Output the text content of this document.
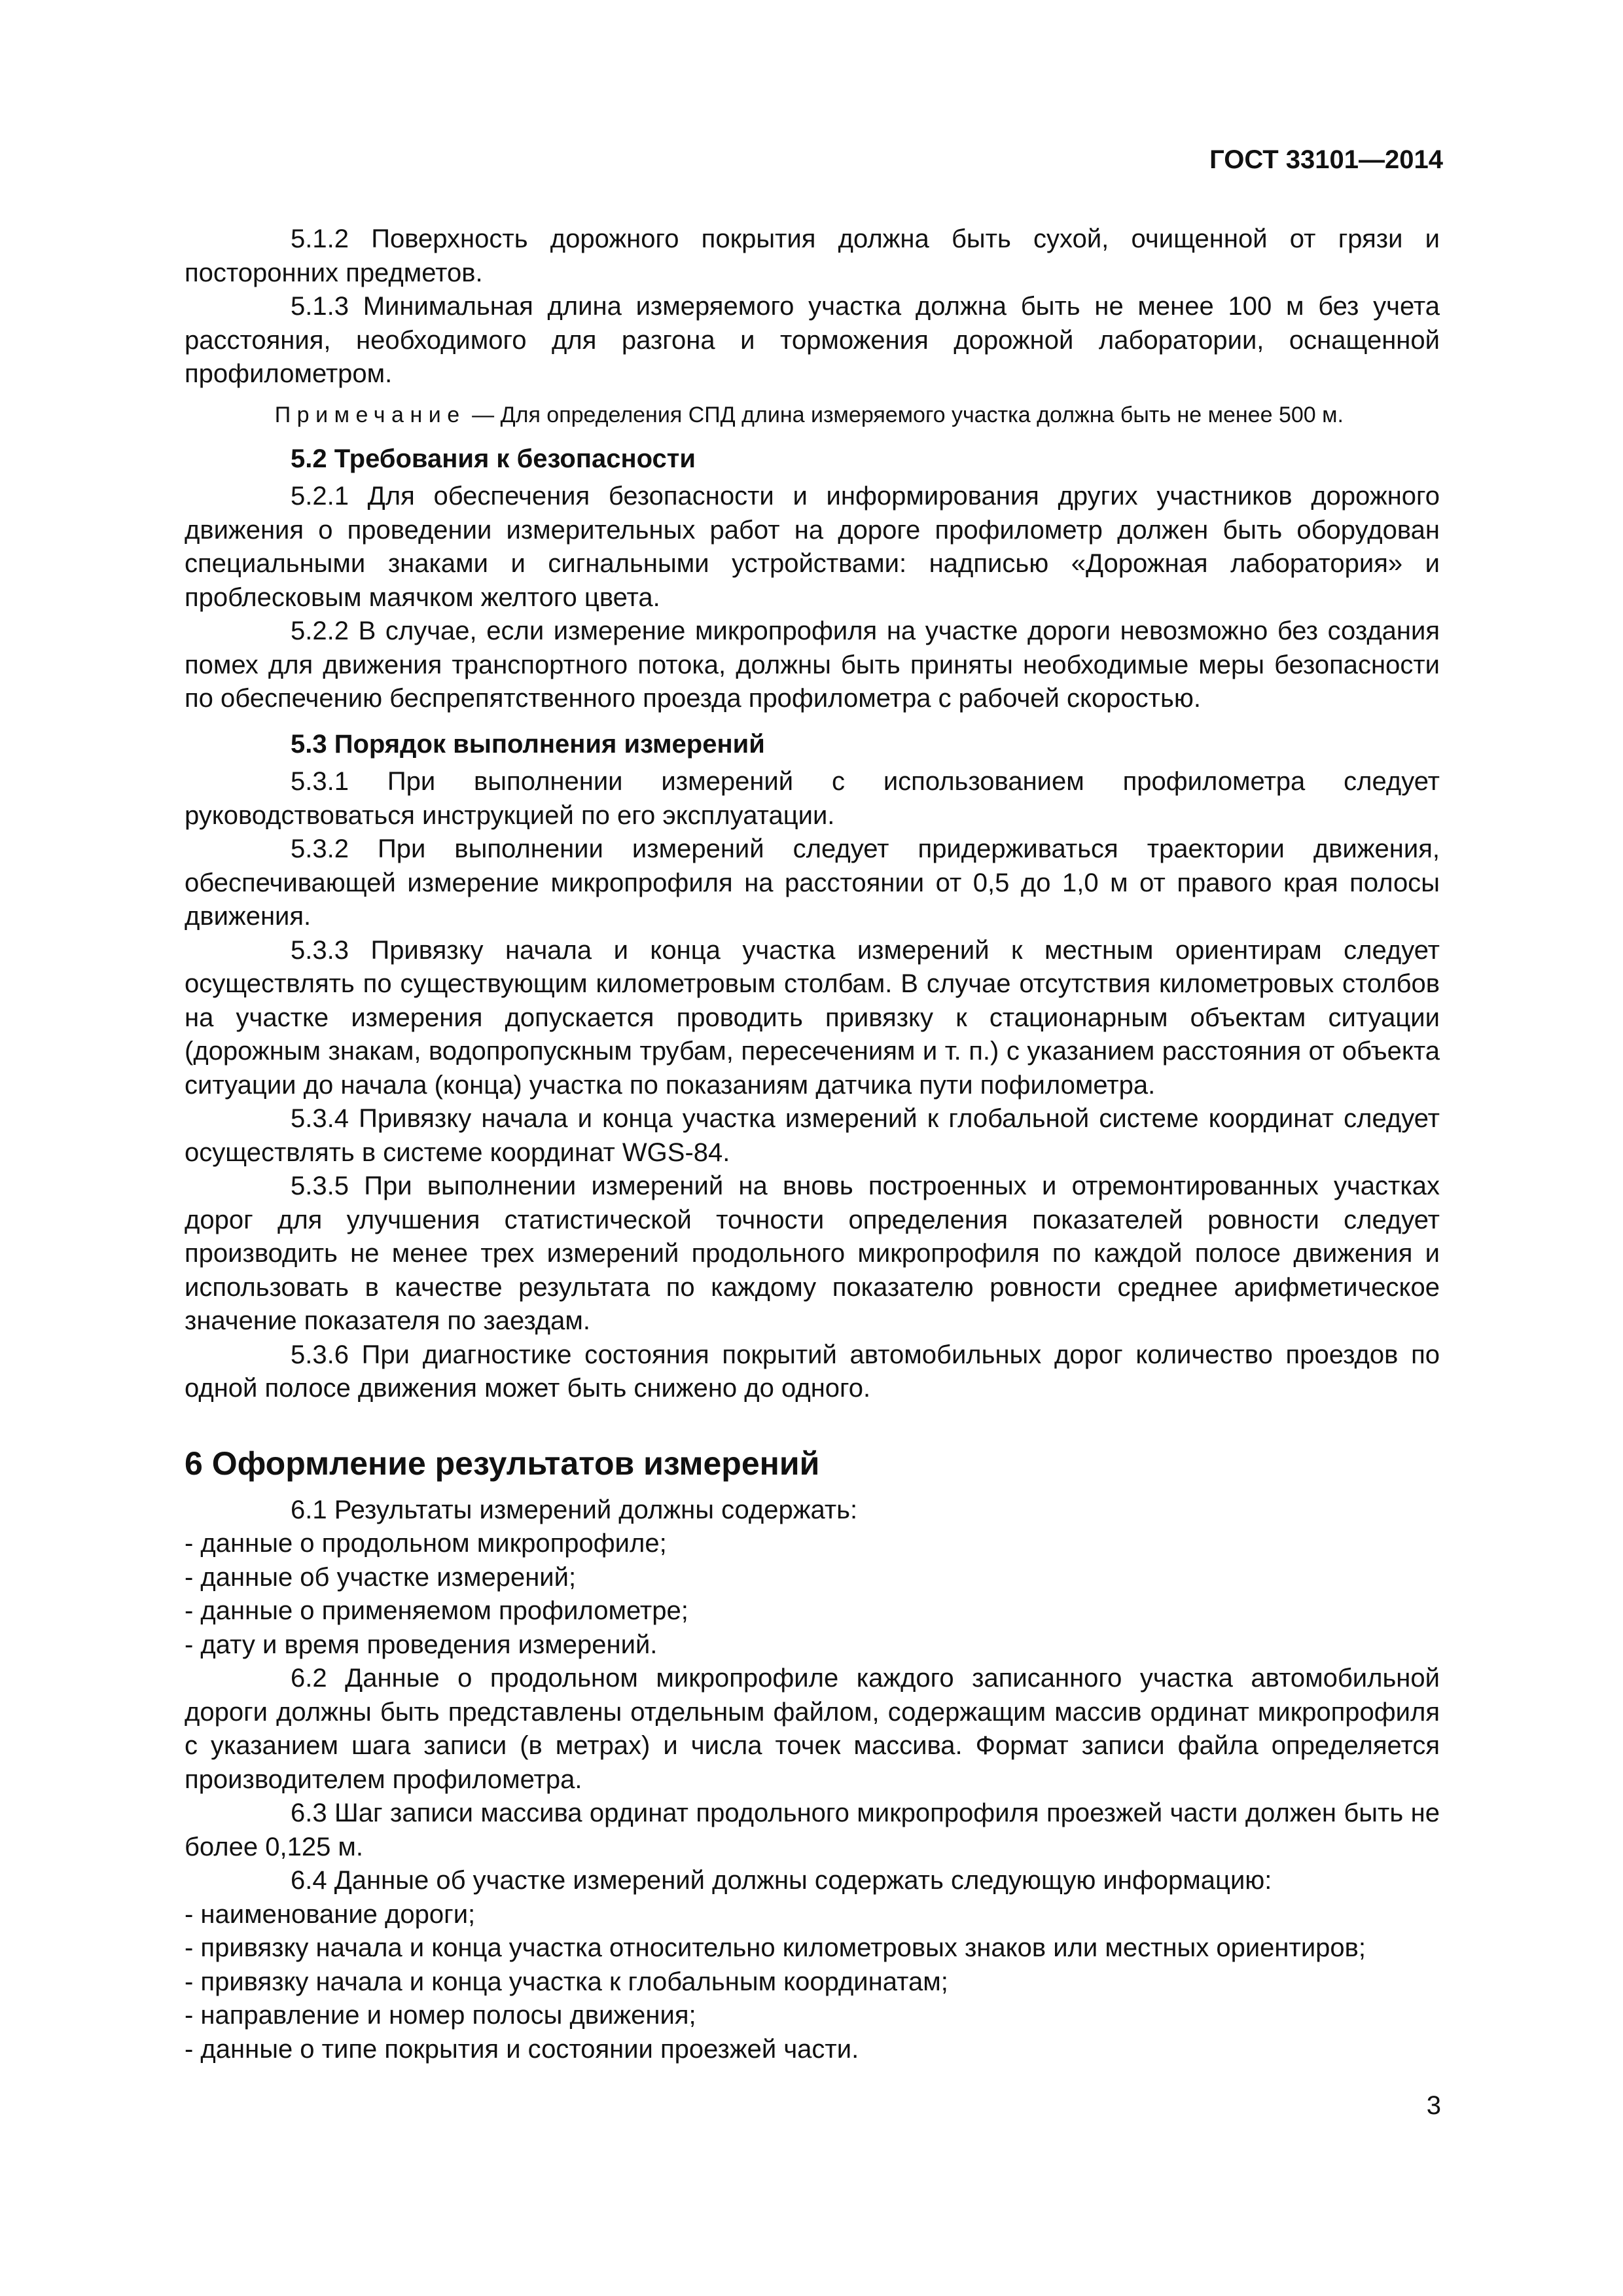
ГОСТ 33101—2014

5.1.2 Поверхность дорожного покрытия должна быть сухой, очищенной от грязи и посторонних предметов.

5.1.3 Минимальная длина измеряемого участка должна быть не менее 100 м без учета расстояния, необходимого для разгона и торможения дорожной лаборатории, оснащенной профилометром.

Примечание — Для определения СПД длина измеряемого участка должна быть не менее 500 м.

5.2 Требования к безопасности

5.2.1 Для обеспечения безопасности и информирования других участников дорожного движения о проведении измерительных работ на дороге профилометр должен быть оборудован специальными знаками и сигнальными устройствами: надписью «Дорожная лаборатория» и проблесковым маячком желтого цвета.

5.2.2 В случае, если измерение микропрофиля на участке дороги невозможно без создания помех для движения транспортного потока, должны быть приняты необходимые меры безопасности по обеспечению беспрепятственного проезда профилометра с рабочей скоростью.

5.3 Порядок выполнения измерений

5.3.1 При выполнении измерений с использованием профилометра следует руководствоваться инструкцией по его эксплуатации.

5.3.2 При выполнении измерений следует придерживаться траектории движения, обеспечивающей измерение микропрофиля на расстоянии от 0,5 до 1,0 м от правого края полосы движения.

5.3.3 Привязку начала и конца участка измерений к местным ориентирам следует осуществлять по существующим километровым столбам. В случае отсутствия километровых столбов на участке измерения допускается проводить привязку к стационарным объектам ситуации (дорожным знакам, водопропускным трубам, пересечениям и т. п.) с указанием расстояния от объекта ситуации до начала (конца) участка по показаниям датчика пути пофилометра.

5.3.4 Привязку начала и конца участка измерений к глобальной системе координат следует осуществлять в системе координат WGS-84.

5.3.5 При выполнении измерений на вновь построенных и отремонтированных участках дорог для улучшения статистической точности определения показателей ровности следует производить не менее трех измерений продольного микропрофиля по каждой полосе движения и использовать в качестве результата по каждому показателю ровности среднее арифметическое значение показателя по заездам.

5.3.6 При диагностике состояния покрытий автомобильных дорог количество проездов по одной полосе движения может быть снижено до одного.

6 Оформление результатов измерений

6.1 Результаты измерений должны содержать:

- данные о продольном микропрофиле;

- данные об участке измерений;

- данные о применяемом профилометре;

- дату и время проведения измерений.

6.2 Данные о продольном микропрофиле каждого записанного участка автомобильной дороги должны быть представлены отдельным файлом, содержащим массив ординат микропрофиля с указанием шага записи (в метрах) и числа точек массива. Формат записи файла определяется производителем профилометра.

6.3 Шаг записи массива ординат продольного микропрофиля проезжей части должен быть не более 0,125 м.

6.4 Данные об участке измерений должны содержать следующую информацию:

- наименование дороги;

- привязку начала и конца участка относительно километровых знаков или местных ориентиров;

- привязку начала и конца участка к глобальным координатам;

- направление и номер полосы движения;

- данные о типе покрытия и состоянии проезжей части.

3
